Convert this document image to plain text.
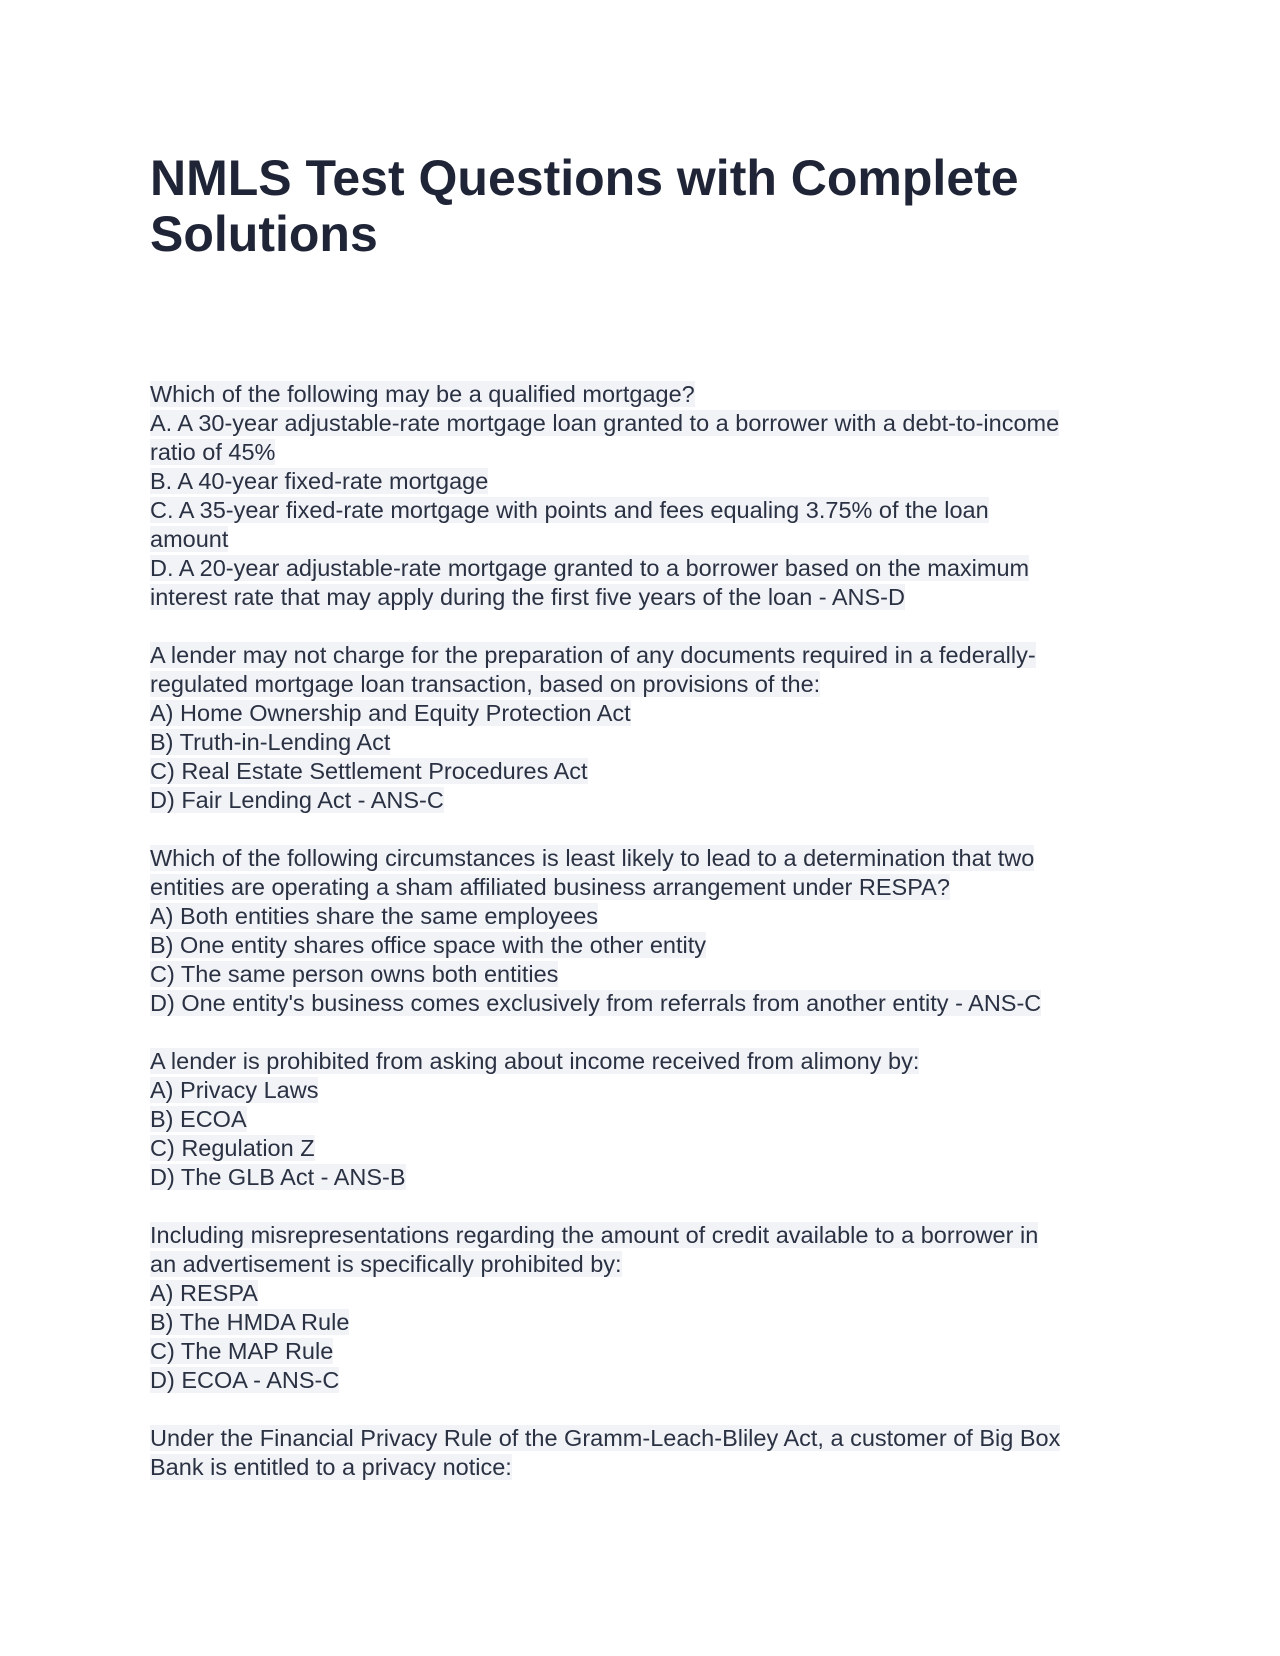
NMLS Test Questions with Complete
Solutions
Which of the following may be a qualified mortgage?
A. A 30-year adjustable-rate mortgage loan granted to a borrower with a debt-to-income
ratio of 45%
B. A 40-year fixed-rate mortgage
C. A 35-year fixed-rate mortgage with points and fees equaling 3.75% of the loan
amount
D. A 20-year adjustable-rate mortgage granted to a borrower based on the maximum
interest rate that may apply during the first five years of the loan - ANS-D
A lender may not charge for the preparation of any documents required in a federally-
regulated mortgage loan transaction, based on provisions of the:
A) Home Ownership and Equity Protection Act
B) Truth-in-Lending Act
C) Real Estate Settlement Procedures Act
D) Fair Lending Act - ANS-C
Which of the following circumstances is least likely to lead to a determination that two
entities are operating a sham affiliated business arrangement under RESPA?
A) Both entities share the same employees
B) One entity shares office space with the other entity
C) The same person owns both entities
D) One entity's business comes exclusively from referrals from another entity - ANS-C
A lender is prohibited from asking about income received from alimony by:
A) Privacy Laws
B) ECOA
C) Regulation Z
D) The GLB Act - ANS-B
Including misrepresentations regarding the amount of credit available to a borrower in
an advertisement is specifically prohibited by:
A) RESPA
B) The HMDA Rule
C) The MAP Rule
D) ECOA - ANS-C
Under the Financial Privacy Rule of the Gramm-Leach-Bliley Act, a customer of Big Box
Bank is entitled to a privacy notice:
